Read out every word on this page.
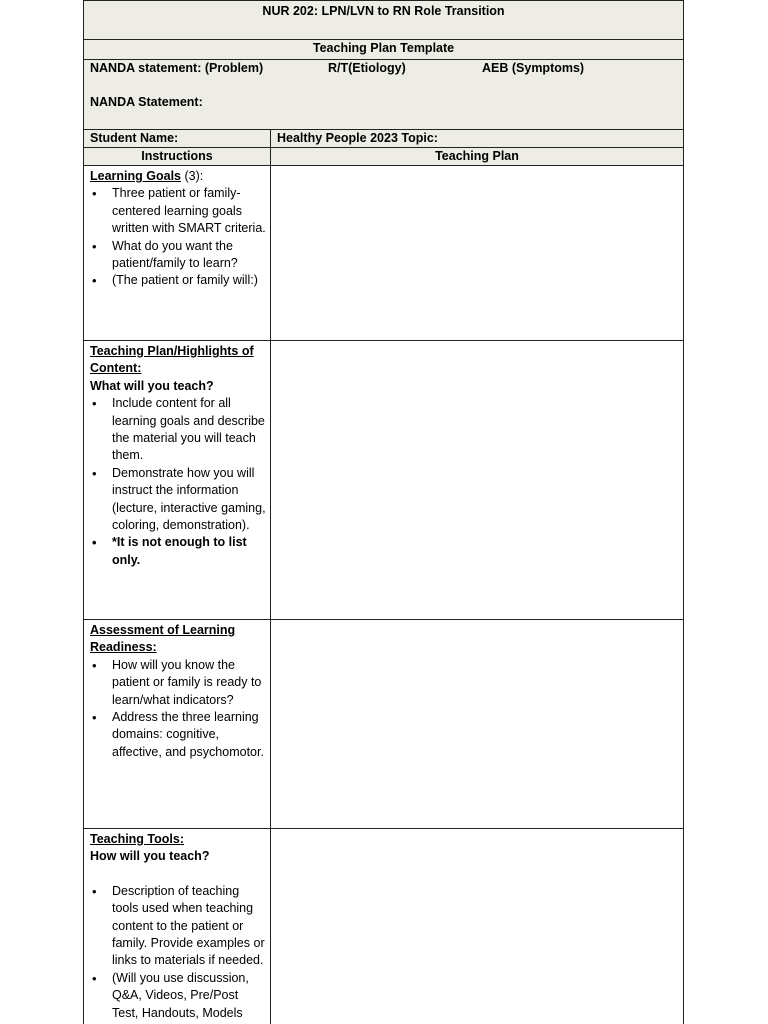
NUR 202: LPN/LVN to RN Role Transition
Teaching Plan Template
NANDA statement: (Problem)	R/T(Etiology)	AEB (Symptoms)
NANDA Statement:
Student Name:	Healthy People 2023 Topic:
Instructions	Teaching Plan
Learning Goals (3):
• Three patient or family-centered learning goals written with SMART criteria.
• What do you want the patient/family to learn?
• (The patient or family will:)
Teaching Plan/Highlights of Content:
What will you teach?
• Include content for all learning goals and describe the material you will teach them.
• Demonstrate how you will instruct the information (lecture, interactive gaming, coloring, demonstration).
• *It is not enough to list only.
Assessment of Learning Readiness:
• How will you know the patient or family is ready to learn/what indicators?
• Address the three learning domains: cognitive, affective, and psychomotor.
Teaching Tools:
How will you teach?
• Description of teaching tools used when teaching content to the patient or family. Provide examples or links to materials if needed.
• (Will you use discussion, Q&A, Videos, Pre/Post Test, Handouts, Models
